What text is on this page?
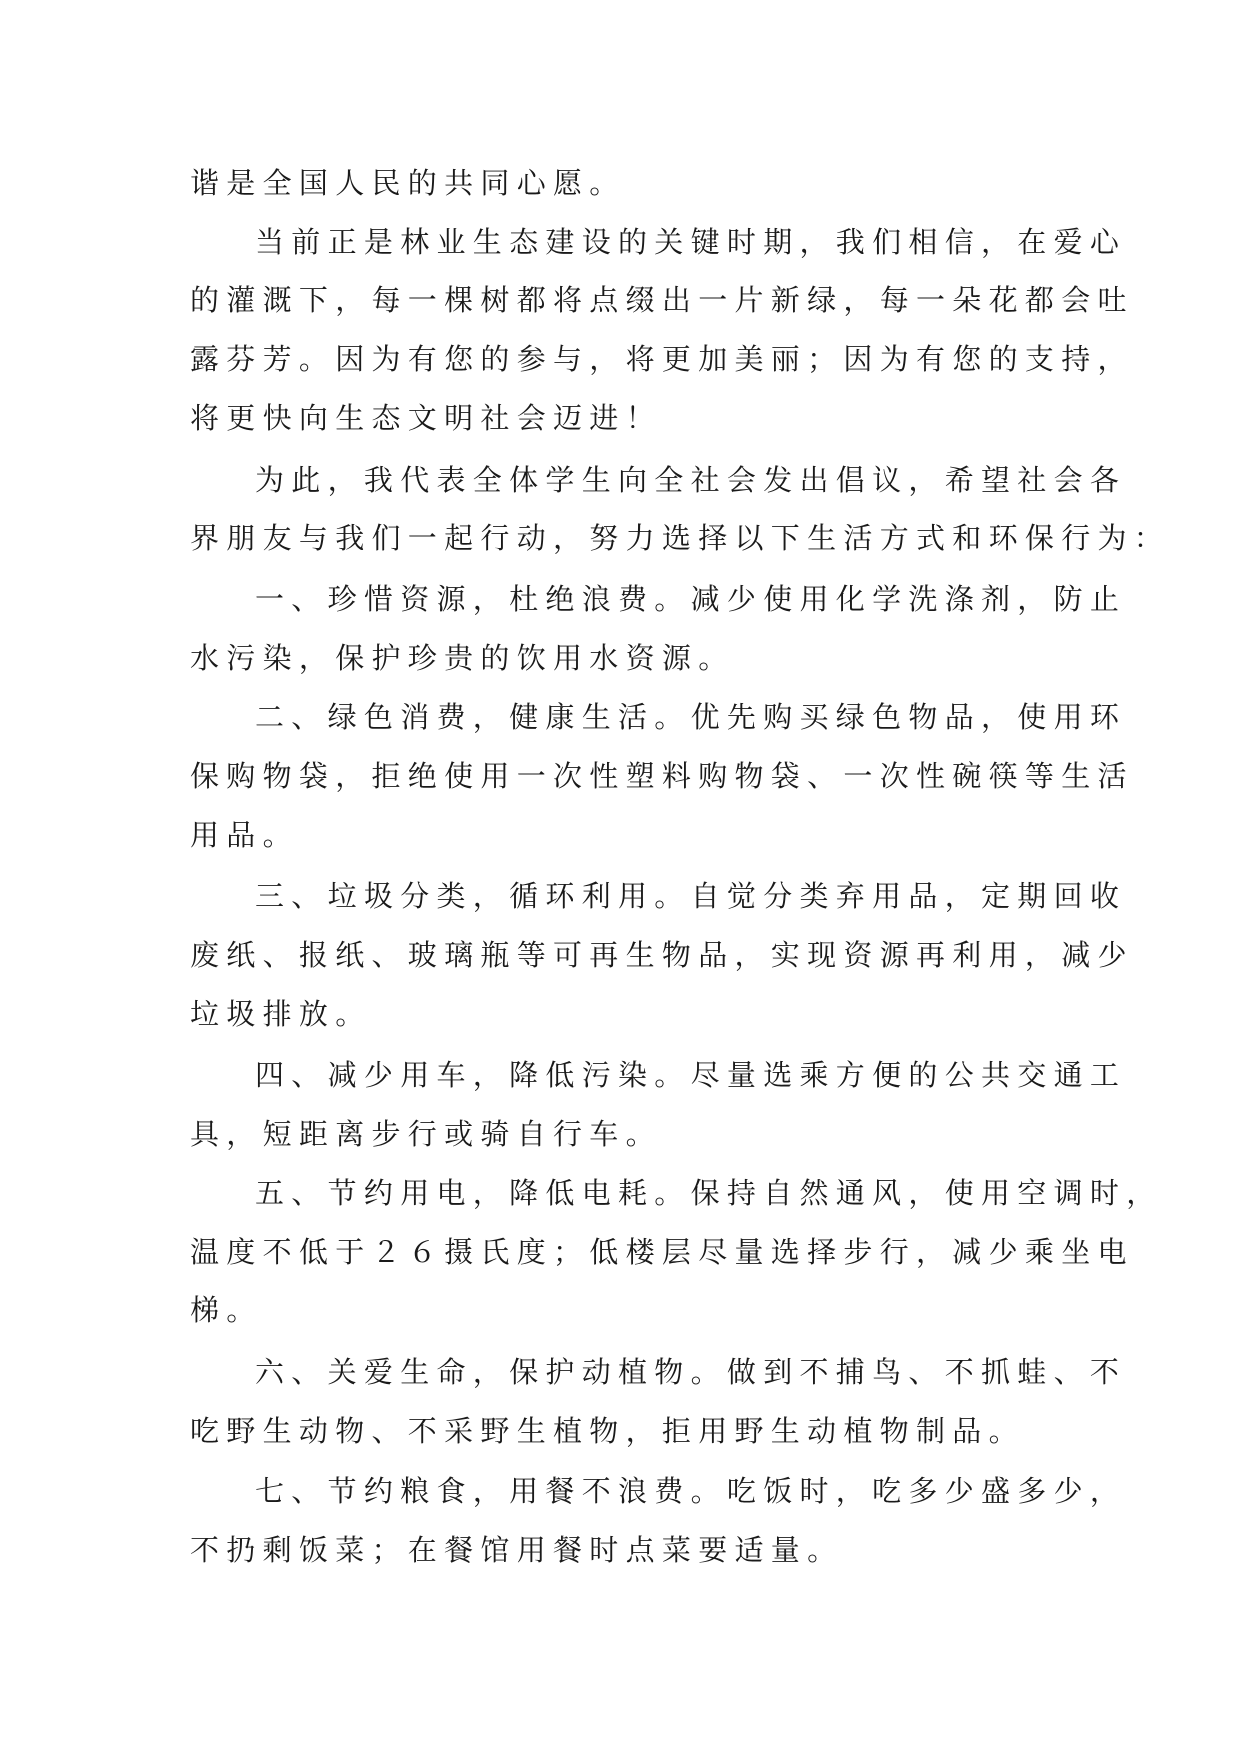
谐是全国人民的共同心愿。

当前正是林业生态建设的关键时期，我们相信，在爱心

的灌溉下，每一棵树都将点缀出一片新绿，每一朵花都会吐

露芬芳。因为有您的参与，将更加美丽；因为有您的支持，

将更快向生态文明社会迈进！

为此，我代表全体学生向全社会发出倡议，希望社会各

界朋友与我们一起行动，努力选择以下生活方式和环保行为：

一、珍惜资源，杜绝浪费。减少使用化学洗涤剂，防止

水污染，保护珍贵的饮用水资源。

二、绿色消费，健康生活。优先购买绿色物品，使用环

保购物袋，拒绝使用一次性塑料购物袋、一次性碗筷等生活

用品。

三、垃圾分类，循环利用。自觉分类弃用品，定期回收

废纸、报纸、玻璃瓶等可再生物品，实现资源再利用，减少

垃圾排放。

四、减少用车，降低污染。尽量选乘方便的公共交通工

具，短距离步行或骑自行车。

五、节约用电，降低电耗。保持自然通风，使用空调时，

温度不低于２６摄氏度；低楼层尽量选择步行，减少乘坐电

梯。

六、关爱生命，保护动植物。做到不捕鸟、不抓蛙、不

吃野生动物、不采野生植物，拒用野生动植物制品。

七、节约粮食，用餐不浪费。吃饭时，吃多少盛多少，

不扔剩饭菜；在餐馆用餐时点菜要适量。
